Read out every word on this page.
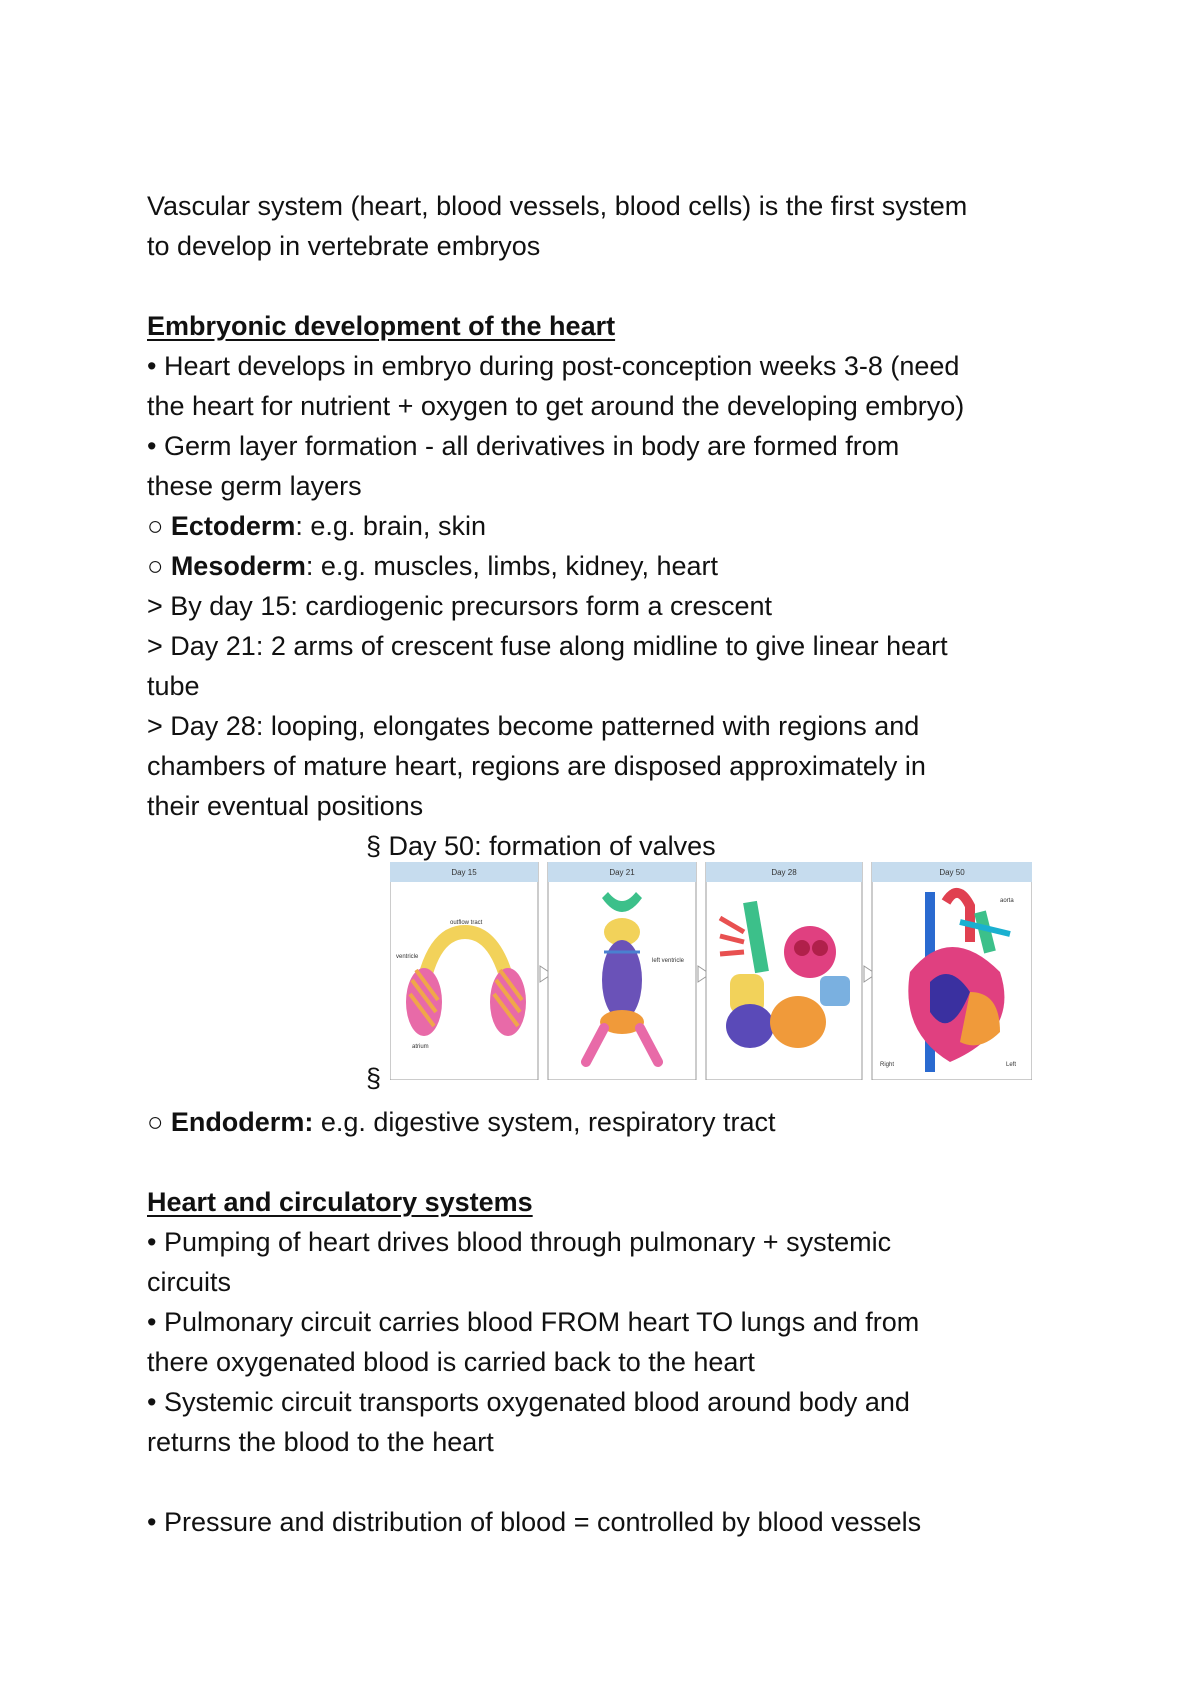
Vascular system (heart, blood vessels, blood cells) is the first system
to develop in vertebrate embryos
Embryonic development of the heart
• Heart develops in embryo during post-conception weeks 3-8 (need
the heart for nutrient + oxygen to get around the developing embryo)
• Germ layer formation - all derivatives in body are formed from
these germ layers
○ Ectoderm: e.g. brain, skin
○ Mesoderm: e.g. muscles, limbs, kidney, heart
> By day 15: cardiogenic precursors form a crescent
> Day 21: 2 arms of crescent fuse along midline to give linear heart
tube
> Day 28: looping, elongates become patterned with regions and
chambers of mature heart, regions are disposed approximately in
their eventual positions
§ Day 50: formation of valves
§
Day 15
outflow tract
ventricle
atrium
Day 21
left ventricle
Day 28	Day 50
aorta
Right	Left
○ Endoderm: e.g. digestive system, respiratory tract
Heart and circulatory systems
• Pumping of heart drives blood through pulmonary + systemic
circuits
• Pulmonary circuit carries blood FROM heart TO lungs and from
there oxygenated blood is carried back to the heart
• Systemic circuit transports oxygenated blood around body and
returns the blood to the heart
• Pressure and distribution of blood = controlled by blood vessels
